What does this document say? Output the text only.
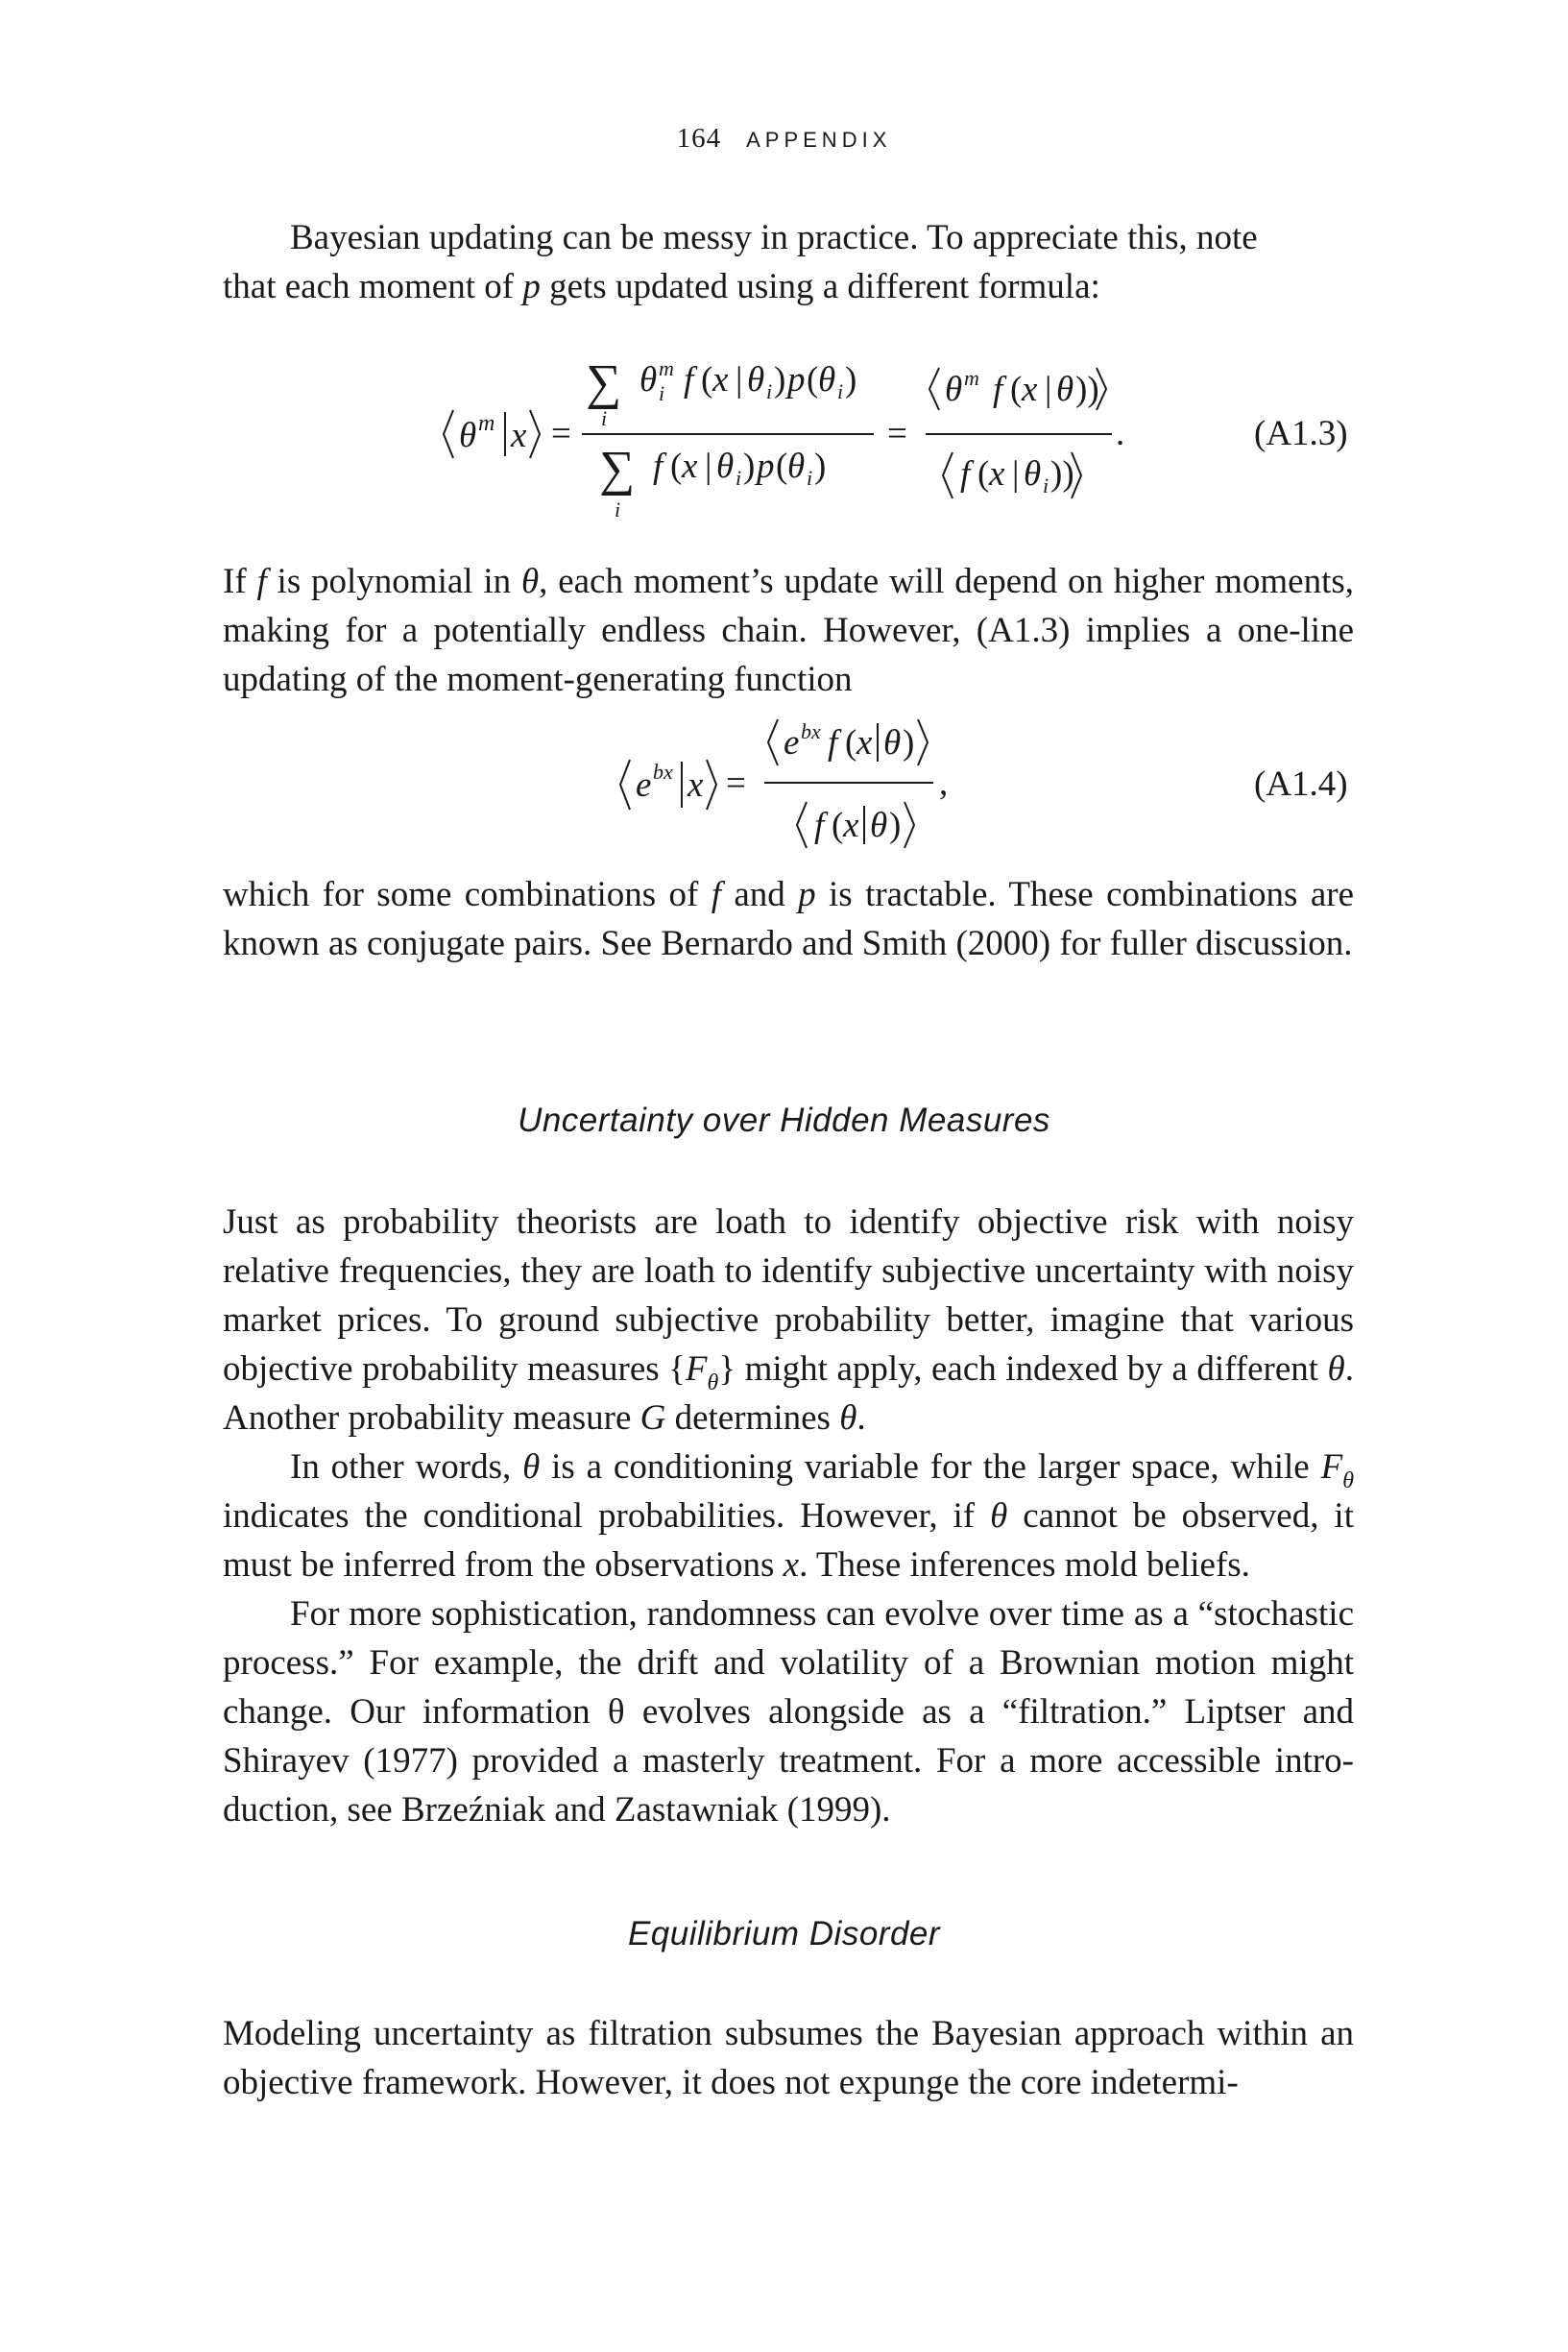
164 APPENDIX

Bayesian updating can be messy in practice. To appreciate this, note

that each moment of p gets updated using a different formula:

θ m x =
∑ θ m
i f ( x | θ i ) p ( θ i )
i
∑ f ( x | θ i ) p ( θ i )
i
=
θ m f ( x | θ ))
f ( x | θ i ))
.	(A1.3)

If f is polynomial in θ, each moment’s update will depend on higher moments, making for a potentially endless chain. However, (A1.3) implies a one-line updating of the moment-generating function

e bx x =
e bx f ( x θ )
f ( x θ )
,	(A1.4)

which for some combinations of f and p is tractable. These combinations are known as conjugate pairs. See Bernardo and Smith (2000) for fuller discussion.

Uncertainty over Hidden Measures

Just as probability theorists are loath to identify objective risk with noisy relative frequencies, they are loath to identify subjective uncertainty with noisy market prices. To ground subjective probability better, imagine that various objective probability measures $\{F_\theta\}$ might apply, each indexed by a different θ. Another probability measure G determines θ.

In other words, θ is a conditioning variable for the larger space, while $F_\theta$ indicates the conditional probabilities. However, if θ cannot be observed, it must be inferred from the observations x. These inferences mold beliefs.

For more sophistication, randomness can evolve over time as a “stochastic process.” For example, the drift and volatility of a Brownian motion might change. Our information θ evolves alongside as a “filtration.” Liptser and Shirayev (1977) provided a masterly treatment. For a more accessible introduction, see Brzeźniak and Zastawniak (1999).

Equilibrium Disorder

Modeling uncertainty as filtration subsumes the Bayesian approach within an objective framework. However, it does not expunge the core indetermi-
